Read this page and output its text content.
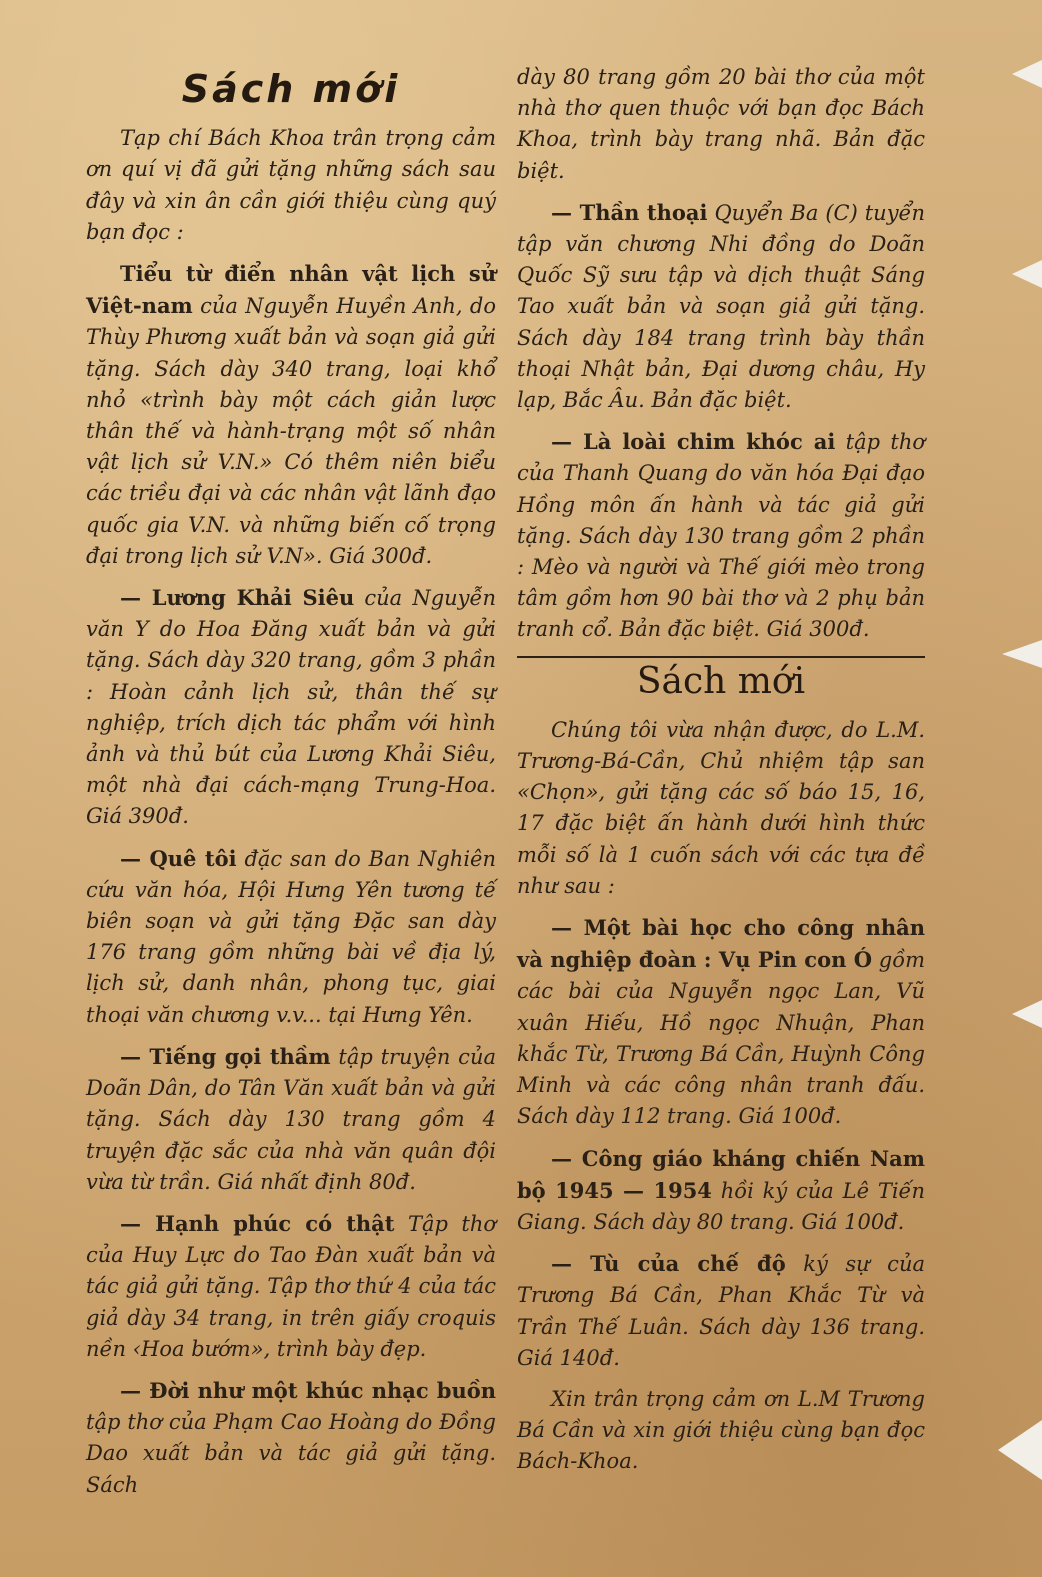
Sách mới

Tạp chí Bách Khoa trân trọng cảm ơn quí vị đã gửi tặng những sách sau đây và xin ân cần giới thiệu cùng quý bạn đọc :

Tiểu từ điển nhân vật lịch sử Việt-nam của Nguyễn Huyền Anh, do Thùy Phương xuất bản và soạn giả gửi tặng. Sách dày 340 trang, loại khổ nhỏ «trình bày một cách giản lược thân thế và hành-trạng một số nhân vật lịch sử V.N.» Có thêm niên biểu các triều đại và các nhân vật lãnh đạo quốc gia V.N. và những biến cố trọng đại trong lịch sử V.N». Giá 300đ.

— Lương Khải Siêu của Nguyễn văn Y do Hoa Đăng xuất bản và gửi tặng. Sách dày 320 trang, gồm 3 phần : Hoàn cảnh lịch sử, thân thế sự nghiệp, trích dịch tác phẩm với hình ảnh và thủ bút của Lương Khải Siêu, một nhà đại cách-mạng Trung-Hoa. Giá 390đ.

— Quê tôi đặc san do Ban Nghiên cứu văn hóa, Hội Hưng Yên tương tế biên soạn và gửi tặng Đặc san dày 176 trang gồm những bài về địa lý, lịch sử, danh nhân, phong tục, giai thoại văn chương v.v... tại Hưng Yên.

— Tiếng gọi thầm tập truyện của Doãn Dân, do Tân Văn xuất bản và gửi tặng. Sách dày 130 trang gồm 4 truyện đặc sắc của nhà văn quân đội vừa từ trần. Giá nhất định 80đ.

— Hạnh phúc có thật Tập thơ của Huy Lực do Tao Đàn xuất bản và tác giả gửi tặng. Tập thơ thứ 4 của tác giả dày 34 trang, in trên giấy croquis nền ‹Hoa bướm», trình bày đẹp.

— Đời như một khúc nhạc buồn tập thơ của Phạm Cao Hoàng do Đồng Dao xuất bản và tác giả gửi tặng. Sách

dày 80 trang gồm 20 bài thơ của một nhà thơ quen thuộc với bạn đọc Bách Khoa, trình bày trang nhã. Bản đặc biệt.

— Thần thoại Quyển Ba (C) tuyển tập văn chương Nhi đồng do Doãn Quốc Sỹ sưu tập và dịch thuật Sáng Tao xuất bản và soạn giả gửi tặng. Sách dày 184 trang trình bày thần thoại Nhật bản, Đại dương châu, Hy lạp, Bắc Âu. Bản đặc biệt.

— Là loài chim khóc ai tập thơ của Thanh Quang do văn hóa Đại đạo Hồng môn ấn hành và tác giả gửi tặng. Sách dày 130 trang gồm 2 phần : Mèo và người và Thế giới mèo trong tâm gồm hơn 90 bài thơ và 2 phụ bản tranh cổ. Bản đặc biệt. Giá 300đ.

Sách mới

Chúng tôi vừa nhận được, do L.M. Trương-Bá-Cần, Chủ nhiệm tập san «Chọn», gửi tặng các số báo 15, 16, 17 đặc biệt ấn hành dưới hình thức mỗi số là 1 cuốn sách với các tựa đề như sau :

— Một bài học cho công nhân và nghiệp đoàn : Vụ Pin con Ó gồm các bài của Nguyễn ngọc Lan, Vũ xuân Hiếu, Hồ ngọc Nhuận, Phan khắc Từ, Trương Bá Cần, Huỳnh Công Minh và các công nhân tranh đấu. Sách dày 112 trang. Giá 100đ.

— Công giáo kháng chiến Nam bộ 1945 — 1954 hồi ký của Lê Tiến Giang. Sách dày 80 trang. Giá 100đ.

— Tù của chế độ ký sự của Trương Bá Cần, Phan Khắc Từ và Trần Thế Luân. Sách dày 136 trang. Giá 140đ.

Xin trân trọng cảm ơn L.M Trương Bá Cần và xin giới thiệu cùng bạn đọc Bách-Khoa.
